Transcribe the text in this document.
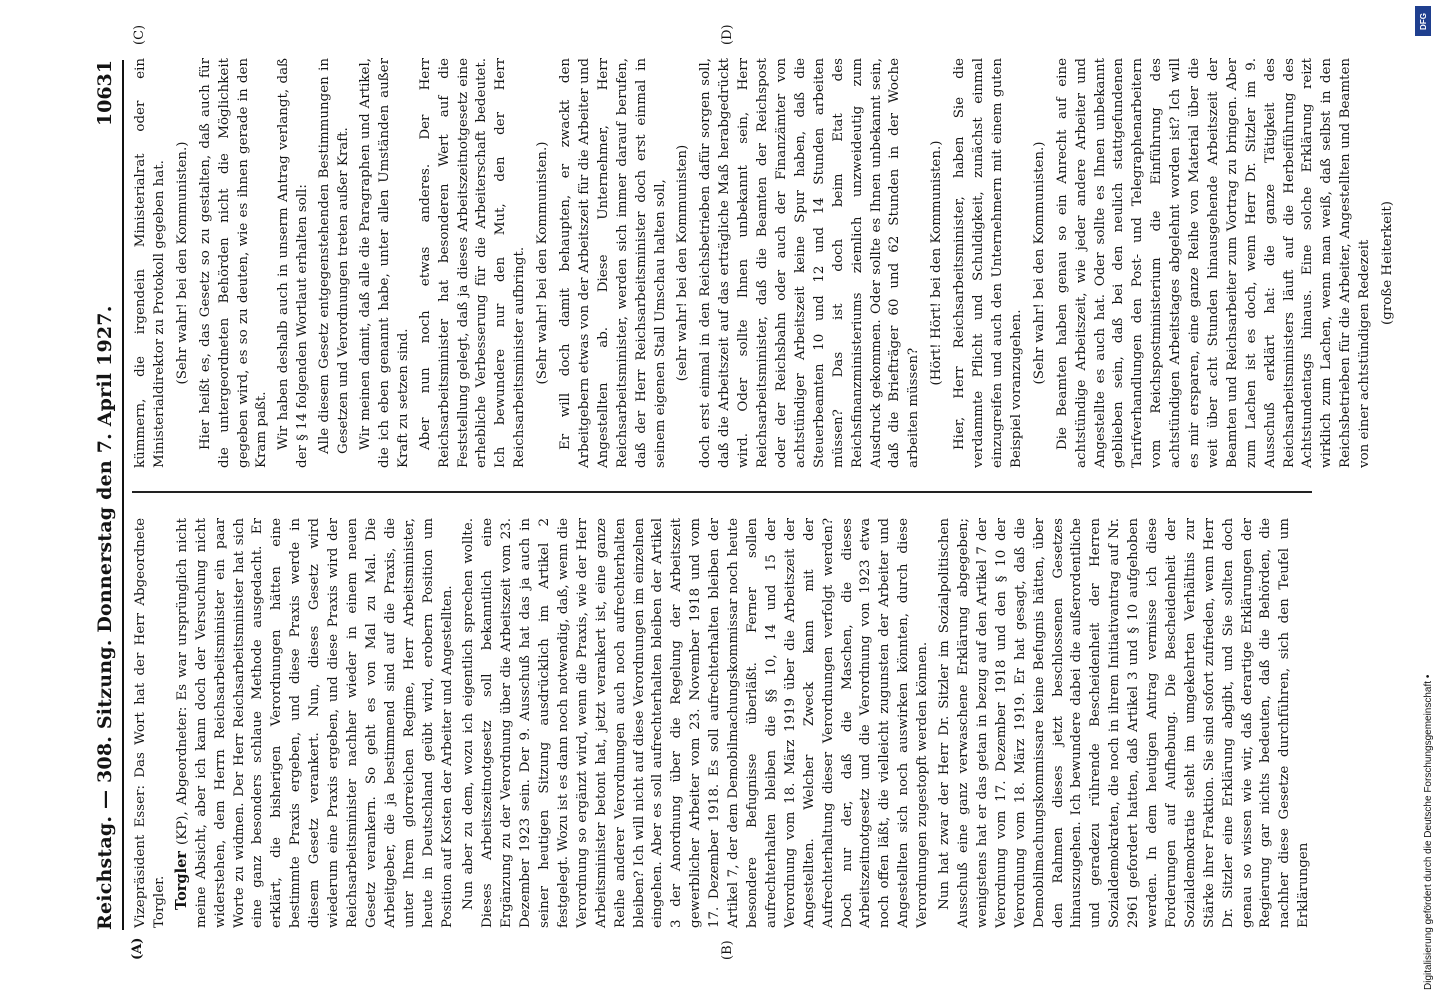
Reichstag. — 308. Sitzung. Donnerstag den 7. April 1927.
10631
(A)	(B)
(C)	(D)

Vizepräsident Esser: Das Wort hat der Herr Abgeordnete Torgler. Torgler (KP), Abgeordneter: Es war ursprünglich nicht meine Absicht, aber ich kann doch der Versuchung nicht widerstehen, dem Herrn Reichsarbeitsminister ein paar Worte zu widmen. Der Herr Reichsarbeitsminister hat sich eine ganz besonders schlaue Methode ausgedacht. Er erklärt, die bisherigen Verordnungen hätten eine bestimmte Praxis ergeben, und diese Praxis werde in diesem Gesetz verankert. Nun, dieses Gesetz wird wiederum eine Praxis ergeben, und diese Praxis wird der Reichsarbeitsminister nachher wieder in einem neuen Gesetz verankern. So geht es von Mal zu Mal. Die Arbeitgeber, die ja bestimmend sind auf die Praxis, die unter Ihrem glorreichen Regime, Herr Arbeitsminister, heute in Deutschland geübt wird, erobern Position um Position auf Kosten der Arbeiter und Angestellten. Nun aber zu dem, wozu ich eigentlich sprechen wollte. Dieses Arbeitszeitnotgesetz soll bekanntlich eine Ergänzung zu der Verordnung über die Arbeitszeit vom 23. Dezember 1923 sein. Der 9. Ausschuß hat das ja auch in seiner heutigen Sitzung ausdrücklich im Artikel 2 festgelegt. Wozu ist es dann noch notwendig, daß, wenn die Verordnung so ergänzt wird, wenn die Praxis, wie der Herr Arbeitsminister betont hat, jetzt verankert ist, eine ganze Reihe anderer Verordnungen auch noch aufrechterhalten bleiben? Ich will nicht auf diese Verordnungen im einzelnen eingehen. Aber es soll aufrechterhalten bleiben der Artikel 3 der Anordnung über die Regelung der Arbeitszeit gewerblicher Arbeiter vom 23. November 1918 und vom 17. Dezember 1918. Es soll aufrechterhalten bleiben der Artikel 7, der dem Demobilmachungskommissar noch heute besondere Befugnisse überläßt. Ferner sollen aufrechterhalten bleiben die §§ 10, 14 und 15 der Verordnung vom 18. März 1919 über die Arbeitszeit der Angestellten. Welcher Zweck kann mit der Aufrechterhaltung dieser Verordnungen verfolgt werden? Doch nur der, daß die Maschen, die dieses Arbeitszeitnotgesetz und die Verordnung von 1923 etwa noch offen läßt, die vielleicht zugunsten der Arbeiter und Angestellten sich noch auswirken könnten, durch diese Verordnungen zugestopft werden können. Nun hat zwar der Herr Dr. Sitzler im Sozialpolitischen Ausschuß eine ganz verwaschene Erklärung abgegeben; wenigstens hat er das getan in bezug auf den Artikel 7 der Verordnung vom 17. Dezember 1918 und den § 10 der Verordnung vom 18. März 1919. Er hat gesagt, daß die Demobilmachungskommissare keine Befugnis hätten, über den Rahmen dieses jetzt beschlossenen Gesetzes hinauszugehen. Ich bewundere dabei die außerordentliche und geradezu rührende Bescheidenheit der Herren Sozialdemokraten, die noch in ihrem Initiativantrag auf Nr. 2961 gefordert hatten, daß Artikel 3 und § 10 aufgehoben werden. In dem heutigen Antrag vermisse ich diese Forderungen auf Aufhebung. Die Bescheidenheit der Sozialdemokratie steht im umgekehrten Verhältnis zur Stärke ihrer Fraktion. Sie sind sofort zufrieden, wenn Herr Dr. Sitzler eine Erklärung abgibt, und Sie sollten doch genau so wissen wie wir, daß derartige Erklärungen der Regierung gar nichts bedeuten, daß die Behörden, die nachher diese Gesetze durchführen, sich den Teufel um Erklärungen

kümmern, die irgendein Ministerialrat oder ein Ministerialdirektor zu Protokoll gegeben hat. (Sehr wahr! bei den Kommunisten.) Hier heißt es, das Gesetz so zu gestalten, daß auch für die untergeordneten Behörden nicht die Möglichkeit gegeben wird, es so zu deuten, wie es ihnen gerade in den Kram paßt. Wir haben deshalb auch in unserm Antrag verlangt, daß der § 14 folgenden Wortlaut erhalten soll: Alle diesem Gesetz entgegenstehenden Bestimmungen in Gesetzen und Verordnungen treten außer Kraft. Wir meinen damit, daß alle die Paragraphen und Artikel, die ich eben genannt habe, unter allen Umständen außer Kraft zu setzen sind. Aber nun noch etwas anderes. Der Herr Reichsarbeitsminister hat besonderen Wert auf die Feststellung gelegt, daß ja dieses Arbeitszeitnotgesetz eine erhebliche Verbesserung für die Arbeiterschaft bedeutet. Ich bewundere nur den Mut, den der Herr Reichsarbeitsminister aufbringt. (Sehr wahr! bei den Kommunisten.) Er will doch damit behaupten, er zwackt den Arbeitgebern etwas von der Arbeitszeit für die Arbeiter und Angestellten ab. Diese Unternehmer, Herr Reichsarbeitsminister, werden sich immer darauf berufen, daß der Herr Reichsarbeitsminister doch erst einmal in seinem eigenen Stall Umschau halten soll, (sehr wahr! bei den Kommunisten) doch erst einmal in den Reichsbetrieben dafür sorgen soll, daß die Arbeitszeit auf das erträgliche Maß herabgedrückt wird. Oder sollte Ihnen unbekannt sein, Herr Reichsarbeitsminister, daß die Beamten der Reichspost oder der Reichsbahn oder auch der Finanzämter von achtstündiger Arbeitszeit keine Spur haben, daß die Steuerbeamten 10 und 12 und 14 Stunden arbeiten müssen? Das ist doch beim Etat des Reichsfinanzministeriums ziemlich unzweideutig zum Ausdruck gekommen. Oder sollte es Ihnen unbekannt sein, daß die Briefträger 60 und 62 Stunden in der Woche arbeiten müssen?

(Hört! Hört! bei den Kommunisten.) Hier, Herr Reichsarbeitsminister, haben Sie die verdammte Pflicht und Schuldigkeit, zunächst einmal einzugreifen und auch den Unternehmern mit einem guten Beispiel voranzugehen.

(Sehr wahr! bei den Kommunisten.) Die Beamten haben genau so ein Anrecht auf eine achtstündige Arbeitszeit, wie jeder andere Arbeiter und Angestellte es auch hat. Oder sollte es Ihnen unbekannt geblieben sein, daß bei den neulich stattgefundenen Tarifverhandlungen den Post- und Telegraphenarbeitern vom Reichspostministerium die Einführung des achtstündigen Arbeitstages abgelehnt worden ist? Ich will es mir ersparen, eine ganze Reihe von Material über die weit über acht Stunden hinausgehende Arbeitszeit der Beamten und Reichsarbeiter zum Vortrag zu bringen. Aber zum Lachen ist es doch, wenn Herr Dr. Sitzler im 9. Ausschuß erklärt hat: die ganze Tätigkeit des Reichsarbeitsministers läuft auf die Herbeiführung des Achtstundentags hinaus. Eine solche Erklärung reizt wirklich zum Lachen, wenn man weiß, daß selbst in den Reichsbetrieben für die Arbeiter, Angestellten und Beamten von einer achtstündigen Redezeit (große Heiterkeit)

Digitalisierung gefördert durch die Deutsche Forschungsgemeinschaft •
DFG
